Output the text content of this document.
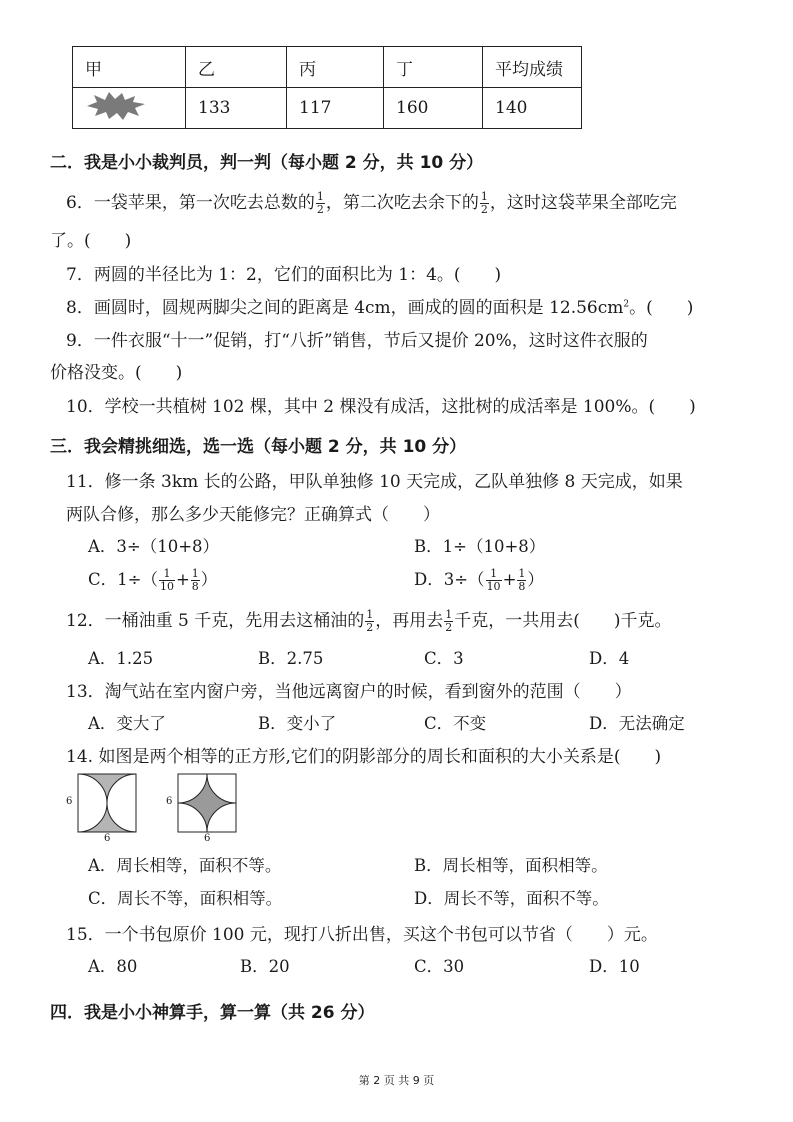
甲	乙	丙	丁	平均成绩
	133	117	160	140
二．我是小小裁判员，判一判（每小题 2 分，共 10 分）
6．一袋苹果，第一次吃去总数的 $\frac{1}{2}$ ，第二次吃去余下的 $\frac{1}{2}$ ，这时这袋苹果全部吃完
了。(　　)
7．两圆的半径比为 1：2，它们的面积比为 1：4。(　　)
8．画圆时，圆规两脚尖之间的距离是 4cm，画成的圆的面积是 $12.56cm^2$。(　　)
9．一件衣服“十一”促销，打“八折”销售，节后又提价 20%，这时这件衣服的
价格没变。(　　)
10．学校一共植树 102 棵，其中 2 棵没有成活，这批树的成活率是 100%。(　　)
三．我会精挑细选，选一选（每小题 2 分，共 10 分）
11．修一条 3km 长的公路，甲队单独修 10 天完成，乙队单独修 8 天完成，如果
两队合修，那么多少天能修完？正确算式（　　）
A．3÷（10+8）	B．1÷（10+8）
C．$1\div( \frac{1}{10} + \frac{1}{8}$ ）	D．$3\div( \frac{1}{10} + \frac{1}{8}$ ）
12．一桶油重 5 千克，先用去这桶油的 $\frac{1}{2}$ ，再用去 $\frac{1}{2}$ 千克，一共用去(　　)千克。
A．1.25	B．2.75	C．3	D．4
13．淘气站在室内窗户旁，当他远离窗户的时候，看到窗外的范围（　　）
A．变大了	B．变小了	C．不变	D．无法确定
14. 如图是两个相等的正方形,它们的阴影部分的周长和面积的大小关系是(　　)
6
6
6
6
A．周长相等，面积不等。	B．周长相等，面积相等。
C．周长不等，面积相等。	D．周长不等，面积不等。
15．一个书包原价 100 元，现打八折出售，买这个书包可以节省（　　）元。
A．80	B．20	C．30	D．10
四．我是小小神算手，算一算（共 26 分）
第 2 页 共 9 页
